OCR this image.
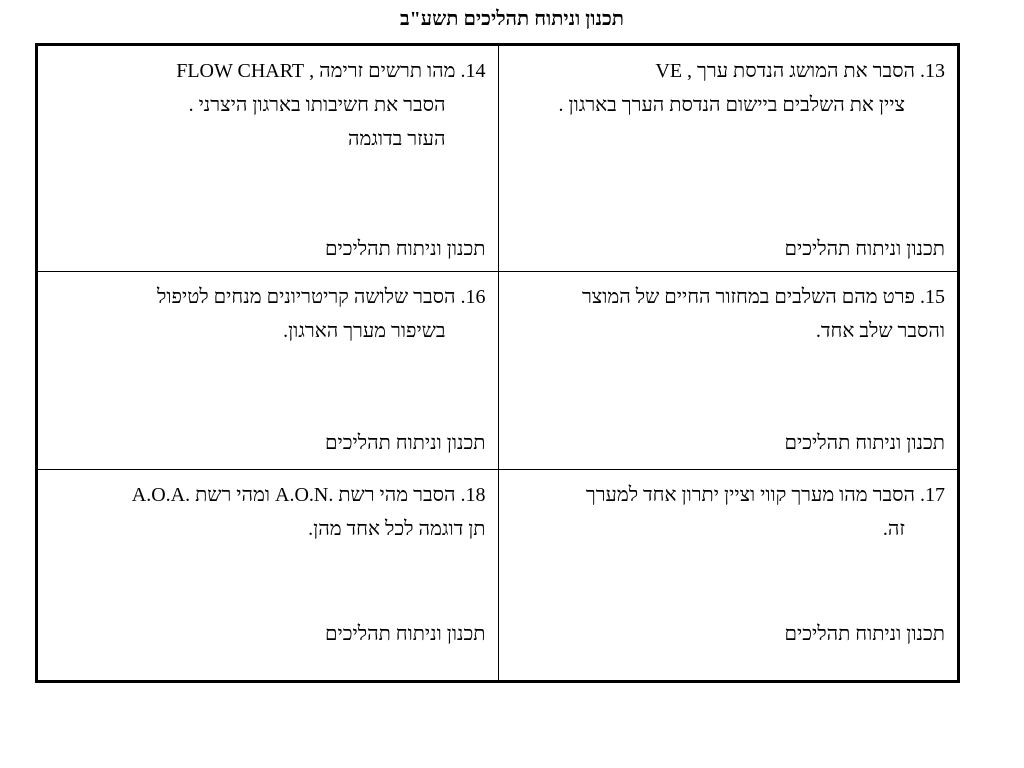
תכנון וניתוח תהליכים תשע"ב
13. הסבר את המושג הנדסת ערך , VE
ציין את השלבים ביישום הנדסת הערך בארגון .
תכנון וניתוח תהליכים
14. מהו תרשים זרימה , FLOW CHART
הסבר את חשיבותו בארגון היצרני .
העזר בדוגמה
תכנון וניתוח תהליכים
15. פרט מהם השלבים במחזור החיים של המוצר
והסבר שלב אחד.
תכנון וניתוח תהליכים
16. הסבר שלושה קריטריונים מנחים לטיפול
בשיפור מערך הארגון.
תכנון וניתוח תהליכים
17. הסבר מהו מערך קווי וציין יתרון אחד למערך
זה.
תכנון וניתוח תהליכים
18. הסבר מהי רשת .A.O.N ומהי רשת .A.O.A
תן דוגמה לכל אחד מהן.
תכנון וניתוח תהליכים
